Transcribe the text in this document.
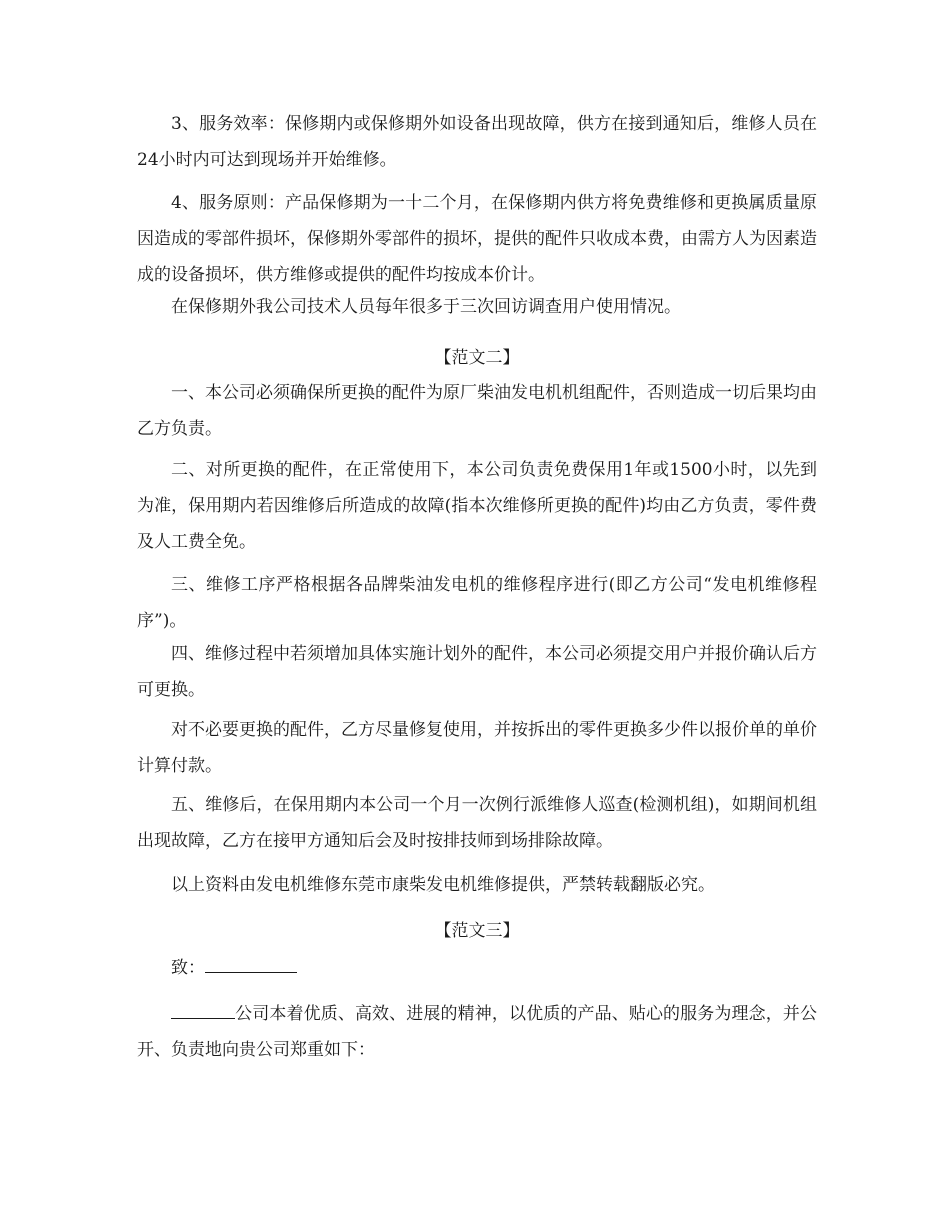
3、服务效率：保修期内或保修期外如设备出现故障，供方在接到通知后，维修人员在24小时内可达到现场并开始维修。

4、服务原则：产品保修期为一十二个月，在保修期内供方将免费维修和更换属质量原因造成的零部件损坏，保修期外零部件的损坏，提供的配件只收成本费，由需方人为因素造成的设备损坏，供方维修或提供的配件均按成本价计。

在保修期外我公司技术人员每年很多于三次回访调查用户使用情况。

【范文二】

一、本公司必须确保所更换的配件为原厂柴油发电机机组配件，否则造成一切后果均由乙方负责。

二、对所更换的配件，在正常使用下，本公司负责免费保用1年或1500小时，以先到为准，保用期内若因维修后所造成的故障(指本次维修所更换的配件)均由乙方负责，零件费及人工费全免。

三、维修工序严格根据各品牌柴油发电机的维修程序进行(即乙方公司“发电机维修程序”)。

四、维修过程中若须增加具体实施计划外的配件，本公司必须提交用户并报价确认后方可更换。

对不必要更换的配件，乙方尽量修复使用，并按拆出的零件更换多少件以报价单的单价计算付款。

五、维修后，在保用期内本公司一个月一次例行派维修人巡查(检测机组)，如期间机组出现故障，乙方在接甲方通知后会及时按排技师到场排除故障。

以上资料由发电机维修东莞市康柴发电机维修提供，严禁转载翻版必究。

【范文三】

致：

公司本着优质、高效、进展的精神，以优质的产品、贴心的服务为理念，并公开、负责地向贵公司郑重如下：
